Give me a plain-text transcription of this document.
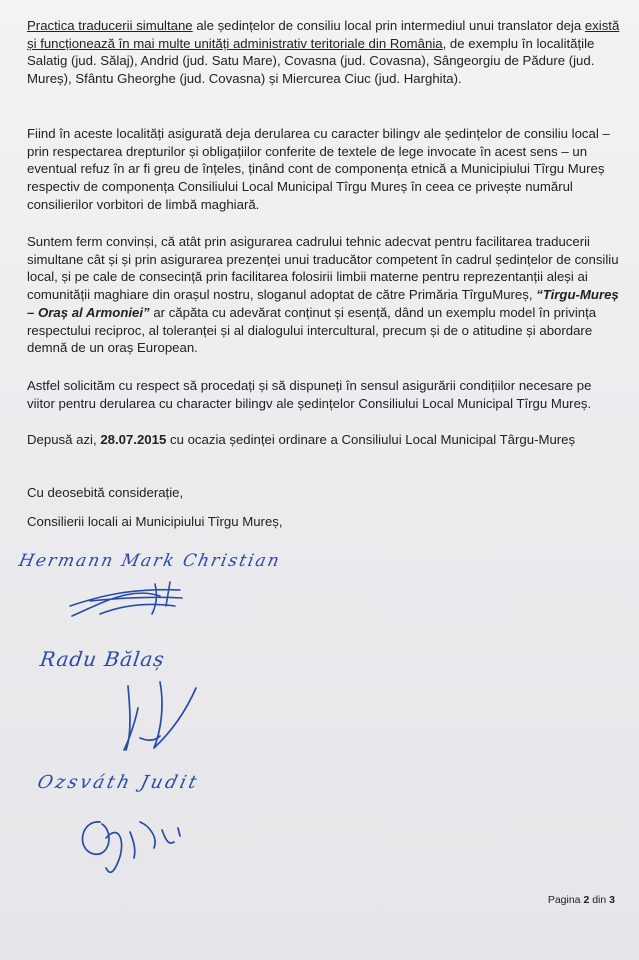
Practica traducerii simultane ale ședințelor de consiliu local prin intermediul unui translator deja există și funcționează în mai multe unități administrativ teritoriale din România, de exemplu în localitățile Salatig (jud. Sălaj), Andrid (jud. Satu Mare), Covasna (jud. Covasna), Sângeorgiu de Pădure (jud. Mureș), Sfântu Gheorghe (jud. Covasna) și Miercurea Ciuc (jud. Harghita).

Fiind în aceste localități asigurată deja derularea cu caracter bilingv ale ședințelor de consiliu local – prin respectarea drepturilor și obligațiilor conferite de textele de lege invocate în acest sens – un eventual refuz în ar fi greu de înțeles, ținând cont de componența etnică a Municipiului Tîrgu Mureș respectiv de componența Consiliului Local Municipal Tîrgu Mureș în ceea ce privește numărul consilierilor vorbitori de limbă maghiară.

Suntem ferm convinși, că atât prin asigurarea cadrului tehnic adecvat pentru facilitarea traducerii simultane cât și și prin asigurarea prezenței unui traducător competent în cadrul ședințelor de consiliu local, și pe cale de consecință prin facilitarea folosirii limbii materne pentru reprezentanții aleși ai comunității maghiare din orașul nostru, sloganul adoptat de către Primăria TîrguMureș, “Tirgu-Mureș – Oraș al Armoniei” ar căpăta cu adevărat conținut și esență, dând un exemplu model în privința respectului reciproc, al toleranței și al dialogului intercultural, precum și de o atitudine și abordare demnă de un oraș European.

Astfel solicităm cu respect să procedați și să dispuneți în sensul asigurării condițiilor necesare pe viitor pentru derularea cu character bilingv ale ședințelor Consiliului Local Municipal Tîrgu Mureș.

Depusă azi, 28.07.2015 cu ocazia ședinței ordinare a Consiliului Local Municipal Târgu-Mureș

Cu deosebită considerație,

Consilierii locali ai Municipiului Tîrgu Mureș,

Hermann Mark Christian
Radu Bălaș
Ozsváth Judit
Pagina 2 din 3
